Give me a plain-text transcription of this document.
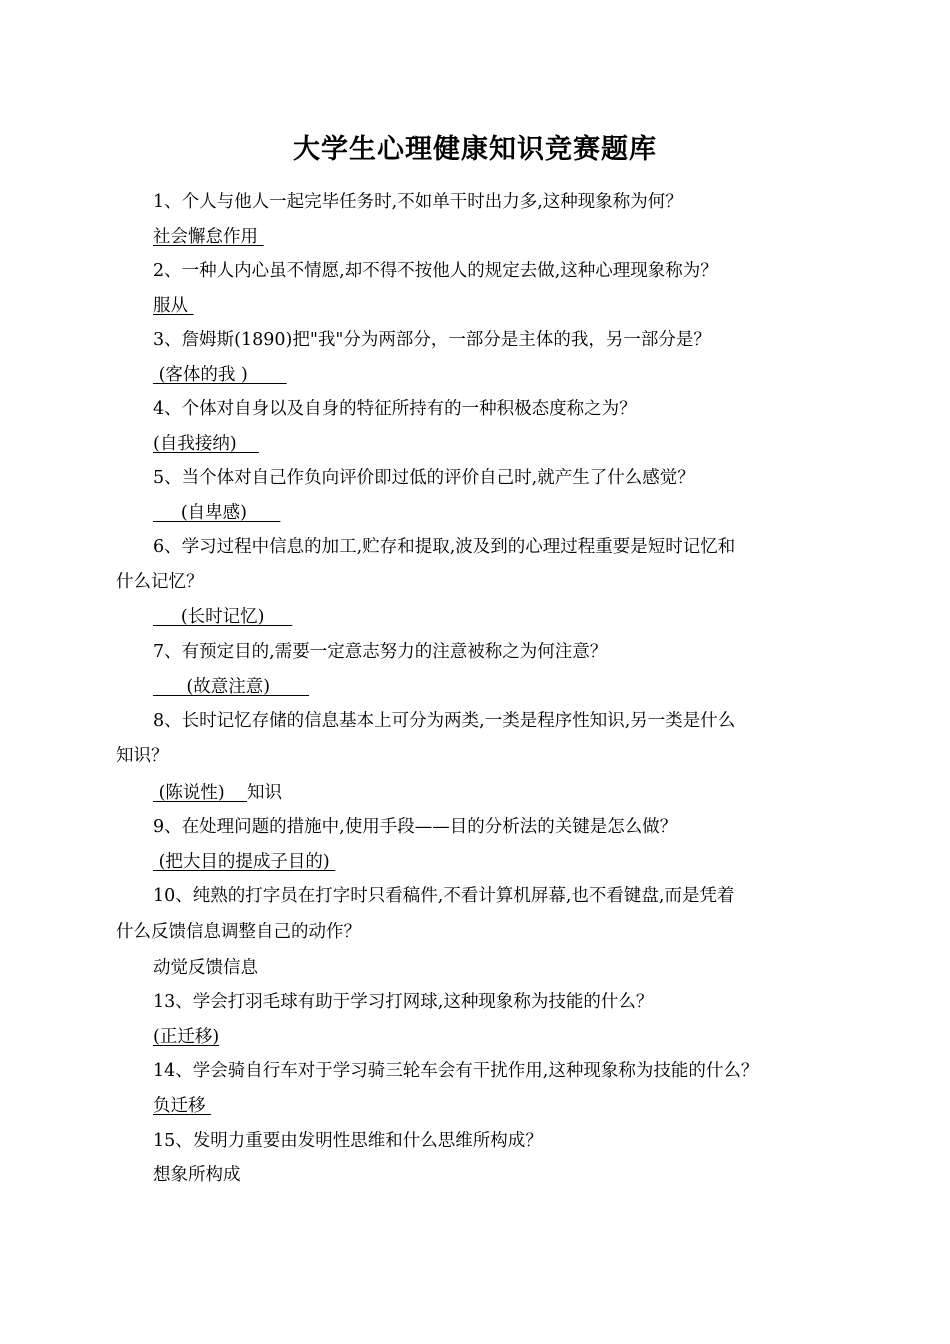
大学生心理健康知识竞赛题库
1、个人与他人一起完毕任务时,不如单干时出力多,这种现象称为何？
社会懈怠作用
2、一种人内心虽不情愿,却不得不按他人的规定去做,这种心理现象称为？
服从
3、詹姆斯(1890)把"我"分为两部分，一部分是主体的我，另一部分是？
(客体的我 )
4、个体对自身以及自身的特征所持有的一种积极态度称之为？
(自我接纳)
5、当个体对自己作负向评价即过低的评价自己时,就产生了什么感觉？
(自卑感)
6、学习过程中信息的加工,贮存和提取,波及到的心理过程重要是短时记忆和
什么记忆？
(长时记忆)
7、有预定目的,需要一定意志努力的注意被称之为何注意？
(故意注意)
8、长时记忆存储的信息基本上可分为两类,一类是程序性知识,另一类是什么
知识？
(陈说性)    知识
9、在处理问题的措施中,使用手段——目的分析法的关键是怎么做？
(把大目的提成子目的)
10、纯熟的打字员在打字时只看稿件,不看计算机屏幕,也不看键盘,而是凭着
什么反馈信息调整自己的动作？
动觉反馈信息
13、学会打羽毛球有助于学习打网球,这种现象称为技能的什么？
(正迁移)
14、学会骑自行车对于学习骑三轮车会有干扰作用,这种现象称为技能的什么？
负迁移
15、发明力重要由发明性思维和什么思维所构成？
想象所构成
